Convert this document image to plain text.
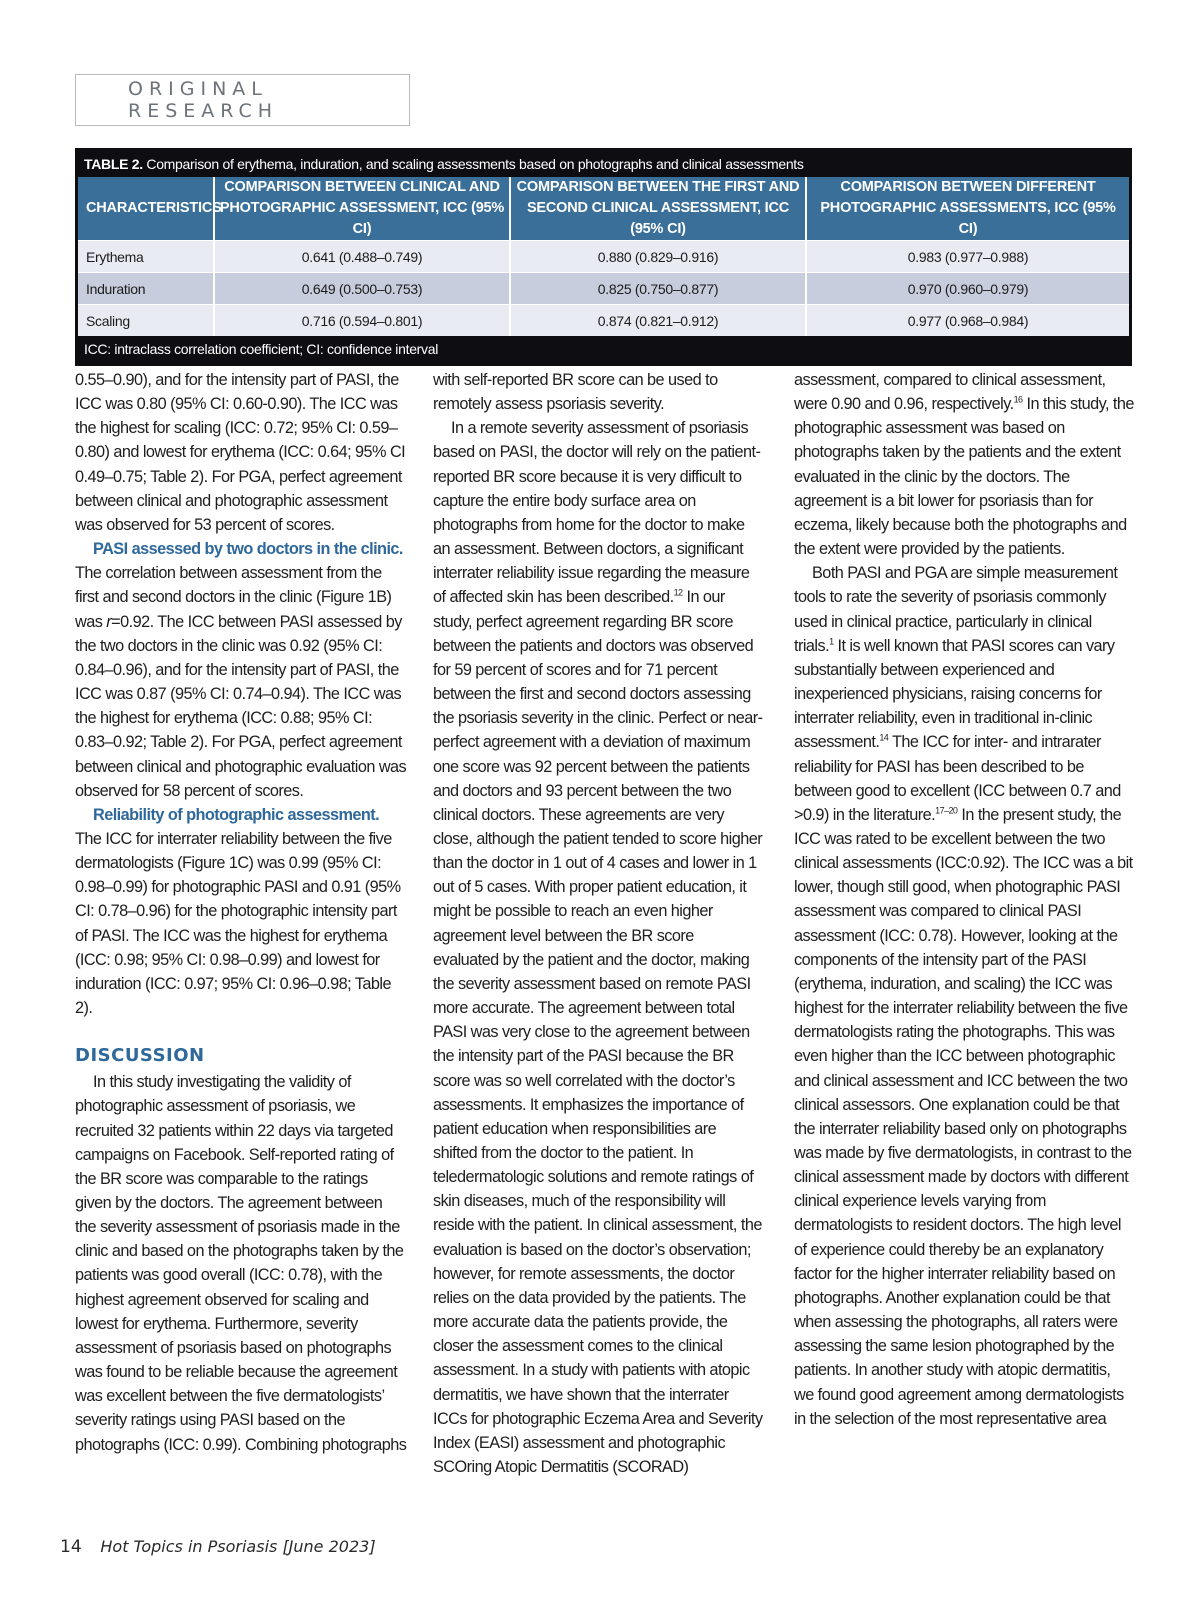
ORIGINAL RESEARCH
TABLE 2. Comparison of erythema, induration, and scaling assessments based on photographs and clinical assessments
CHARACTERISTICS	COMPARISON BETWEEN CLINICAL AND PHOTOGRAPHIC ASSESSMENT, ICC (95% CI)	COMPARISON BETWEEN THE FIRST AND SECOND CLINICAL ASSESSMENT, ICC (95% CI)	COMPARISON BETWEEN DIFFERENT PHOTOGRAPHIC ASSESSMENTS, ICC (95% CI)
Erythema	0.641 (0.488–0.749)	0.880 (0.829–0.916)	0.983 (0.977–0.988)
Induration	0.649 (0.500–0.753)	0.825 (0.750–0.877)	0.970 (0.960–0.979)
Scaling	0.716 (0.594–0.801)	0.874 (0.821–0.912)	0.977 (0.968–0.984)
ICC: intraclass correlation coefficient; CI: confidence interval

0.55–0.90), and for the intensity part of PASI, the ICC was 0.80 (95% CI: 0.60-0.90). The ICC was the highest for scaling (ICC: 0.72; 95% CI: 0.59–0.80) and lowest for erythema (ICC: 0.64; 95% CI 0.49–0.75; Table 2). For PGA, perfect agreement between clinical and photographic assessment was observed for 53 percent of scores.

PASI assessed by two doctors in the clinic. The correlation between assessment from the first and second doctors in the clinic (Figure 1B) was r=0.92. The ICC between PASI assessed by the two doctors in the clinic was 0.92 (95% CI: 0.84–0.96), and for the intensity part of PASI, the ICC was 0.87 (95% CI: 0.74–0.94). The ICC was the highest for erythema (ICC: 0.88; 95% CI: 0.83–0.92; Table 2). For PGA, perfect agreement between clinical and photographic evaluation was observed for 58 percent of scores.

Reliability of photographic assessment. The ICC for interrater reliability between the five dermatologists (Figure 1C) was 0.99 (95% CI: 0.98–0.99) for photographic PASI and 0.91 (95% CI: 0.78–0.96) for the photographic intensity part of PASI. The ICC was the highest for erythema (ICC: 0.98; 95% CI: 0.98–0.99) and lowest for induration (ICC: 0.97; 95% CI: 0.96–0.98; Table 2).

DISCUSSION

In this study investigating the validity of photographic assessment of psoriasis, we recruited 32 patients within 22 days via targeted campaigns on Facebook. Self-reported rating of the BR score was comparable to the ratings given by the doctors. The agreement between the severity assessment of psoriasis made in the clinic and based on the photographs taken by the patients was good overall (ICC: 0.78), with the highest agreement observed for scaling and lowest for erythema. Furthermore, severity assessment of psoriasis based on photographs was found to be reliable because the agreement was excellent between the five dermatologists’ severity ratings using PASI based on the photographs (ICC: 0.99). Combining photographs

with self-reported BR score can be used to remotely assess psoriasis severity.

In a remote severity assessment of psoriasis based on PASI, the doctor will rely on the patient-reported BR score because it is very difficult to capture the entire body surface area on photographs from home for the doctor to make an assessment. Between doctors, a significant interrater reliability issue regarding the measure of affected skin has been described.$^{12}$ In our study, perfect agreement regarding BR score between the patients and doctors was observed for 59 percent of scores and for 71 percent between the first and second doctors assessing the psoriasis severity in the clinic. Perfect or near-perfect agreement with a deviation of maximum one score was 92 percent between the patients and doctors and 93 percent between the two clinical doctors. These agreements are very close, although the patient tended to score higher than the doctor in 1 out of 4 cases and lower in 1 out of 5 cases. With proper patient education, it might be possible to reach an even higher agreement level between the BR score evaluated by the patient and the doctor, making the severity assessment based on remote PASI more accurate. The agreement between total PASI was very close to the agreement between the intensity part of the PASI because the BR score was so well correlated with the doctor’s assessments. It emphasizes the importance of patient education when responsibilities are shifted from the doctor to the patient. In teledermatologic solutions and remote ratings of skin diseases, much of the responsibility will reside with the patient. In clinical assessment, the evaluation is based on the doctor’s observation; however, for remote assessments, the doctor relies on the data provided by the patients. The more accurate data the patients provide, the closer the assessment comes to the clinical assessment. In a study with patients with atopic dermatitis, we have shown that the interrater ICCs for photographic Eczema Area and Severity Index (EASI) assessment and photographic SCOring Atopic Dermatitis (SCORAD)

assessment, compared to clinical assessment, were 0.90 and 0.96, respectively.$^{16}$ In this study, the photographic assessment was based on photographs taken by the patients and the extent evaluated in the clinic by the doctors. The agreement is a bit lower for psoriasis than for eczema, likely because both the photographs and the extent were provided by the patients.

Both PASI and PGA are simple measurement tools to rate the severity of psoriasis commonly used in clinical practice, particularly in clinical trials.$^1$ It is well known that PASI scores can vary substantially between experienced and inexperienced physicians, raising concerns for interrater reliability, even in traditional in-clinic assessment.$^{14}$ The ICC for inter- and intrarater reliability for PASI has been described to be between good to excellent (ICC between 0.7 and >0.9) in the literature.$^{17-20}$ In the present study, the ICC was rated to be excellent between the two clinical assessments (ICC:0.92). The ICC was a bit lower, though still good, when photographic PASI assessment was compared to clinical PASI assessment (ICC: 0.78). However, looking at the components of the intensity part of the PASI (erythema, induration, and scaling) the ICC was highest for the interrater reliability between the five dermatologists rating the photographs. This was even higher than the ICC between photographic and clinical assessment and ICC between the two clinical assessors. One explanation could be that the interrater reliability based only on photographs was made by five dermatologists, in contrast to the clinical assessment made by doctors with different clinical experience levels varying from dermatologists to resident doctors. The high level of experience could thereby be an explanatory factor for the higher interrater reliability based on photographs. Another explanation could be that when assessing the photographs, all raters were assessing the same lesion photographed by the patients. In another study with atopic dermatitis, we found good agreement among dermatologists in the selection of the most representative area

14 Hot Topics in Psoriasis [June 2023]
